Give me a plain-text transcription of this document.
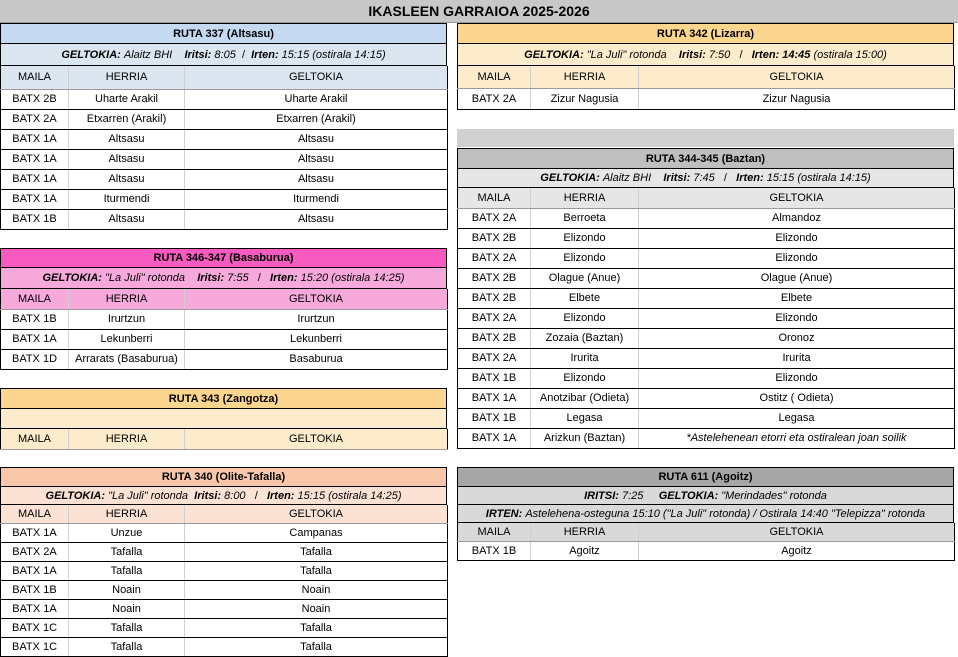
IKASLEEN GARRAIOA 2025-2026
RUTA 337 (Altsasu)
GELTOKIA: Alaitz BHI Iritsi: 8:05  /  Irten: 15:15 (ostirala 14:15)
MAILA	HERRIA	GELTOKIA
BATX 2B	Uharte Arakil	Uharte Arakil
BATX 2A	Etxarren (Arakil)	Etxarren (Arakil)
BATX 1A	Altsasu	Altsasu
BATX 1A	Altsasu	Altsasu
BATX 1A	Altsasu	Altsasu
BATX 1A	Iturmendi	Iturmendi
BATX 1B	Altsasu	Altsasu
RUTA 346-347 (Basaburua)
GELTOKIA: "La Juli" rotonda Iritsi: 7:55   /   Irten: 15:20 (ostirala 14:25)
MAILA	HERRIA	GELTOKIA
BATX 1B	Irurtzun	Irurtzun
BATX 1A	Lekunberri	Lekunberri
BATX 1D	Arrarats (Basaburua)	Basaburua
RUTA 343 (Zangotza)
MAILA	HERRIA	GELTOKIA
RUTA 340 (Olite-Tafalla)
GELTOKIA: "La Juli" rotonda Iritsi: 8:00   /   Irten: 15:15 (ostirala 14:25)
MAILA	HERRIA	GELTOKIA
BATX 1A	Unzue	Campanas
BATX 2A	Tafalla	Tafalla
BATX 1A	Tafalla	Tafalla
BATX 1B	Noain	Noain
BATX 1A	Noain	Noain
BATX 1C	Tafalla	Tafalla
BATX 1C	Tafalla	Tafalla
RUTA 342 (Lizarra)
GELTOKIA: "La Juli" rotonda Iritsi: 7:50   /   Irten: 14:45 (ostirala 15:00)
MAILA	HERRIA	GELTOKIA
BATX 2A	Zizur Nagusia	Zizur Nagusia
RUTA 344-345 (Baztan)
GELTOKIA: Alaitz BHI Iritsi: 7:45   /   Irten: 15:15 (ostirala 14:15)
MAILA	HERRIA	GELTOKIA
BATX 2A	Berroeta	Almandoz
BATX 2B	Elizondo	Elizondo
BATX 2A	Elizondo	Elizondo
BATX 2B	Olague (Anue)	Olague (Anue)
BATX 2B	Elbete	Elbete
BATX 2A	Elizondo	Elizondo
BATX 2B	Zozaia (Baztan)	Oronoz
BATX 2A	Irurita	Irurita
BATX 1B	Elizondo	Elizondo
BATX 1A	Anotzibar (Odieta)	Ostitz ( Odieta)
BATX 1B	Legasa	Legasa
BATX 1A	Arizkun (Baztan)	*Astelehenean etorri eta ostiralean joan soilik
RUTA 611 (Agoitz)
IRITSI: 7:25 GELTOKIA: "Merindades" rotonda
IRTEN: Astelehena-osteguna 15:10 ("La Juli" rotonda) / Ostirala 14:40 "Telepizza" rotonda
MAILA	HERRIA	GELTOKIA
BATX 1B	Agoitz	Agoitz
